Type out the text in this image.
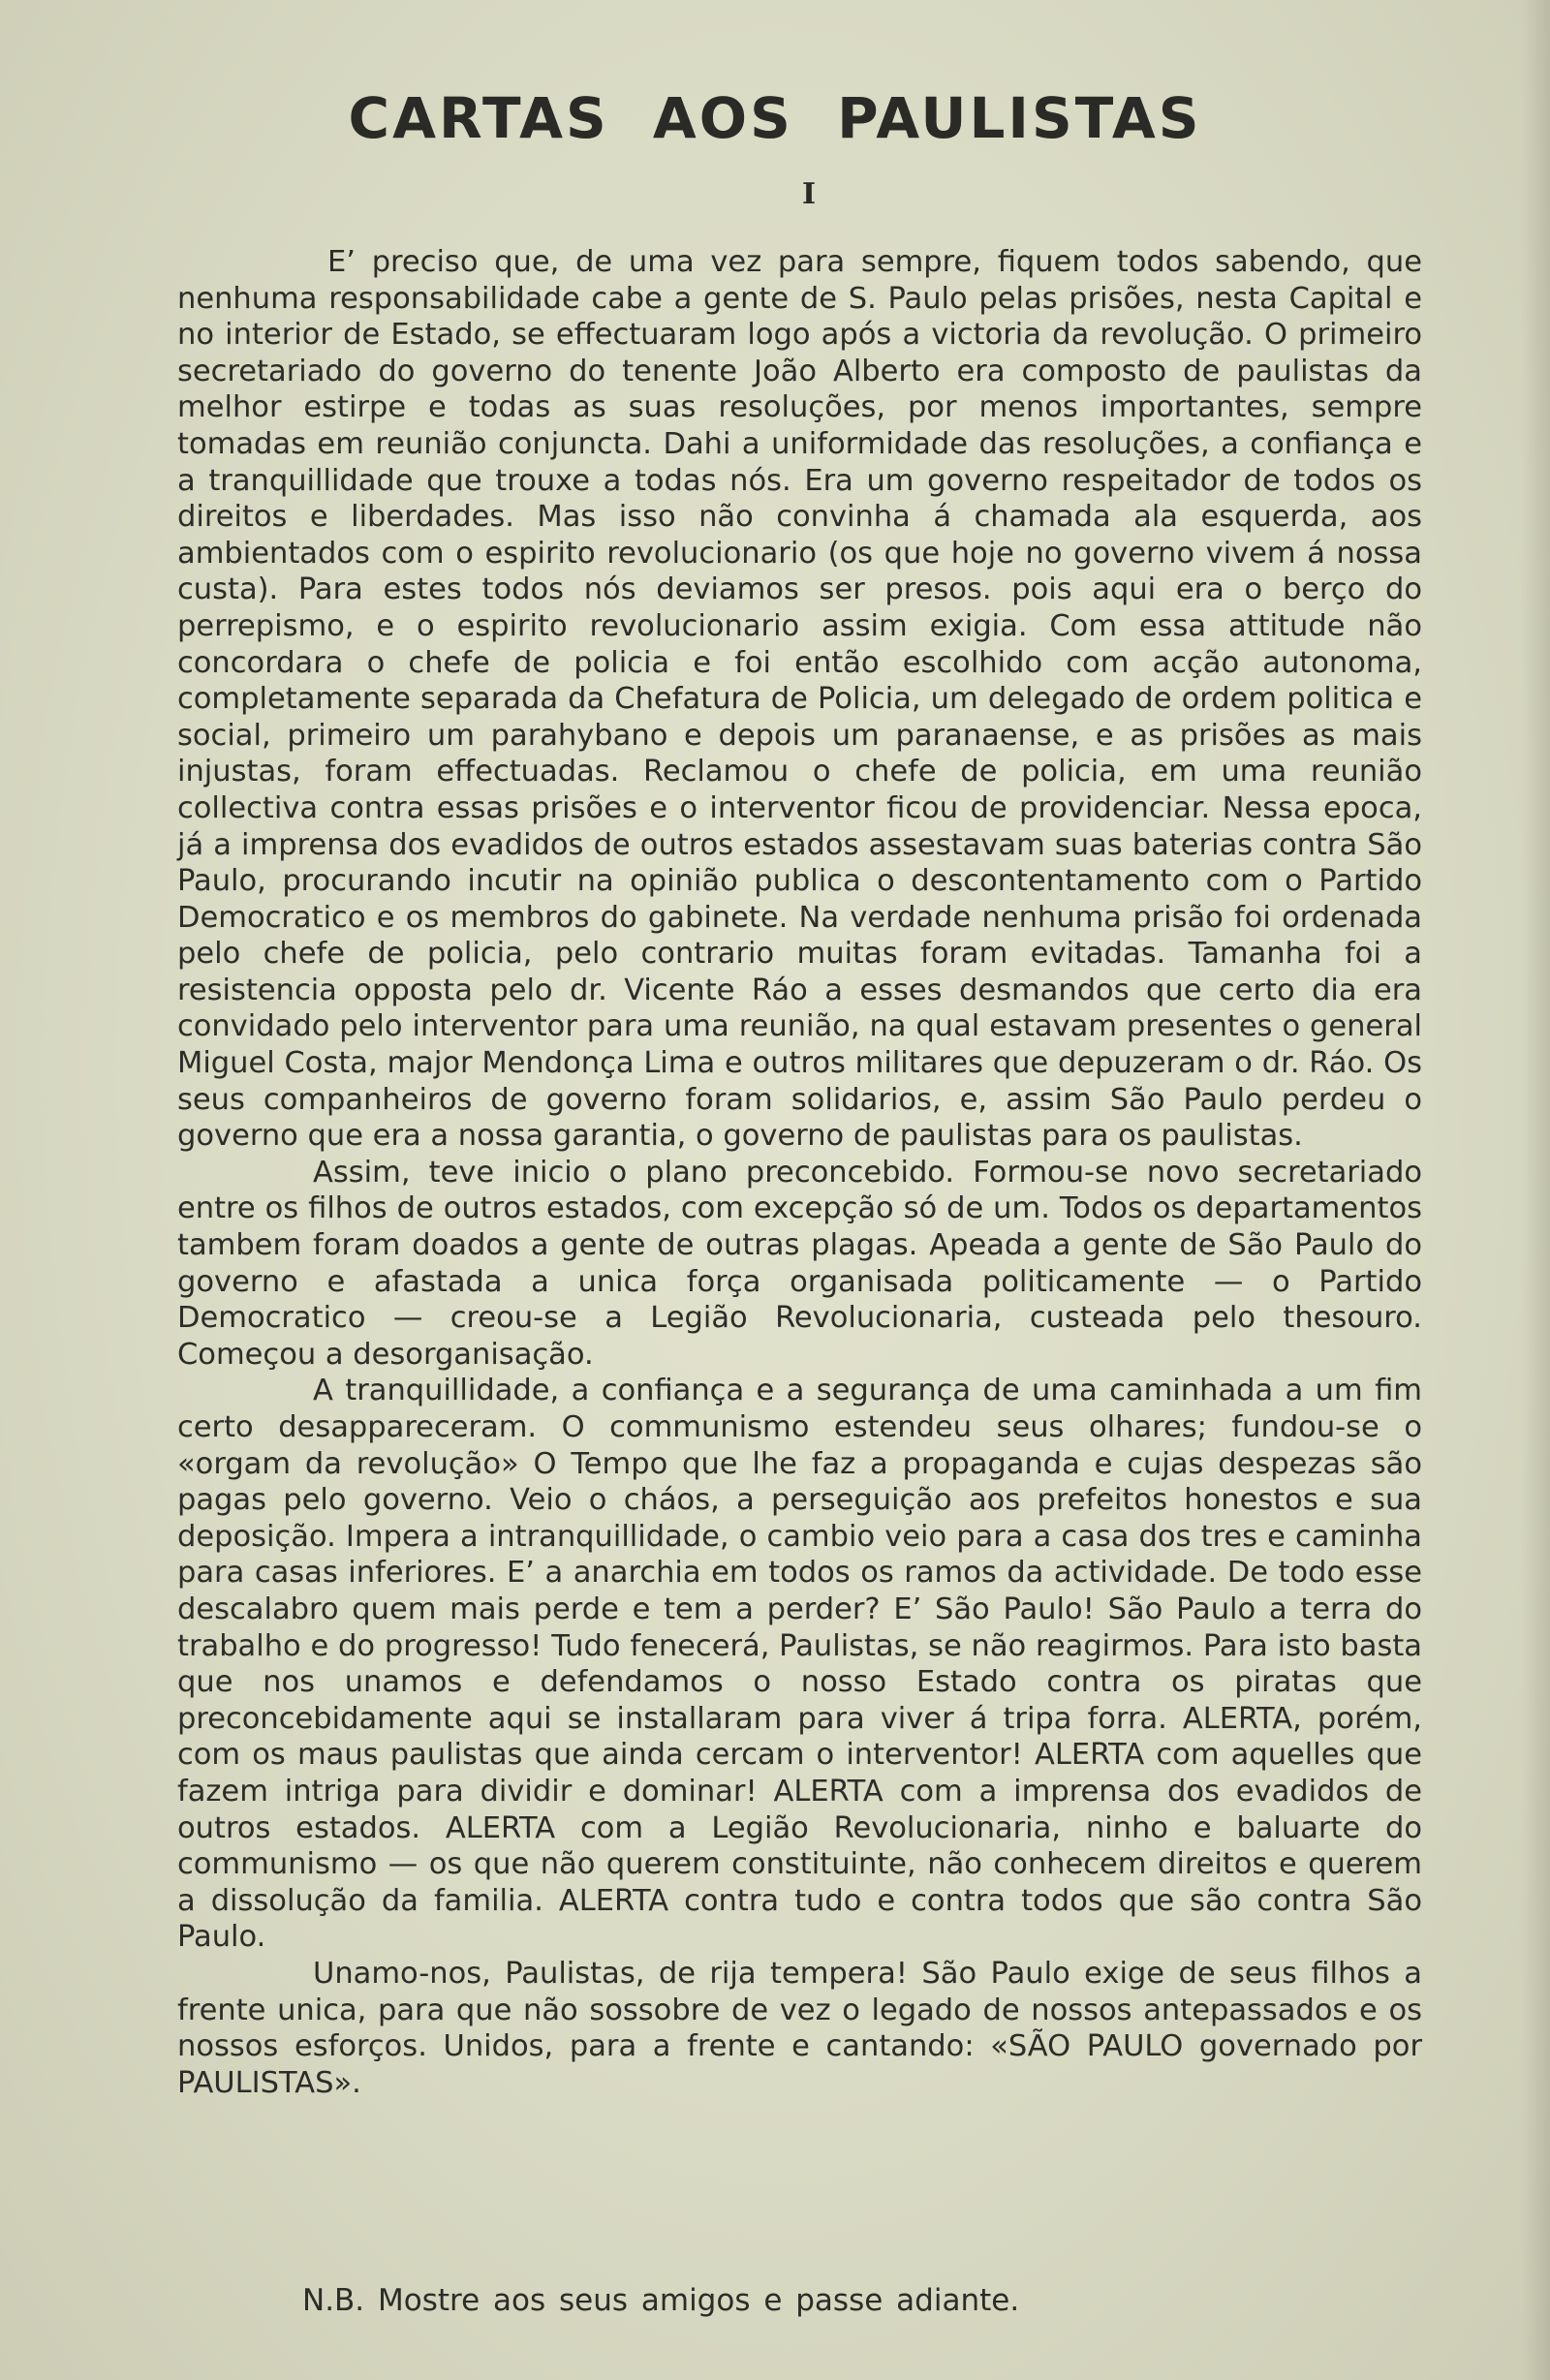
CARTAS AOS PAULISTAS
I

E’ preciso que, de uma vez para sempre, fiquem todos sabendo, que nenhuma responsabilidade cabe a gente de S. Paulo pelas prisões, nesta Capital e no interior de Estado, se effectuaram logo após a victoria da revolução. O primeiro secretariado do governo do tenente João Alberto era composto de paulistas da melhor estirpe e todas as suas resoluções, por menos importantes, sempre tomadas em reunião conjuncta. Dahi a uniformidade das resoluções, a confiança e a tranquillidade que trouxe a todas nós. Era um governo respeitador de todos os direitos e liberdades. Mas isso não convinha á chamada ala esquerda, aos ambientados com o espirito revolucionario (os que hoje no governo vivem á nossa custa). Para estes todos nós deviamos ser presos. pois aqui era o berço do perrepismo, e o espirito revolucionario assim exigia. Com essa attitude não concordara o chefe de policia e foi então escolhido com acção autonoma, completamente separada da Chefatura de Policia, um delegado de ordem politica e social, primeiro um parahybano e depois um paranaense, e as prisões as mais injustas, foram effectuadas. Reclamou o chefe de policia, em uma reunião collectiva contra essas prisões e o interventor ficou de providenciar. Nessa epoca, já a imprensa dos evadidos de outros estados assestavam suas baterias contra São Paulo, procurando incutir na opinião publica o descontentamento com o Partido Democratico e os membros do gabinete. Na verdade nenhuma prisão foi ordenada pelo chefe de policia, pelo contrario muitas foram evitadas. Tamanha foi a resistencia opposta pelo dr. Vicente Ráo a esses desmandos que certo dia era convidado pelo interventor para uma reunião, na qual estavam presentes o general Miguel Costa, major Mendonça Lima e outros militares que depuzeram o dr. Ráo. Os seus companheiros de governo foram solidarios, e, assim São Paulo perdeu o governo que era a nossa garantia, o governo de paulistas para os paulistas.

Assim, teve inicio o plano preconcebido. Formou-se novo secretariado entre os filhos de outros estados, com excepção só de um. Todos os departamentos tambem foram doados a gente de outras plagas. Apeada a gente de São Paulo do governo e afastada a unica força organisada politicamente — o Partido Democratico — creou-se a Legião Revolucionaria, custeada pelo thesouro. Começou a desorganisação.

A tranquillidade, a confiança e a segurança de uma caminhada a um fim certo desappareceram. O communismo estendeu seus olhares; fundou-se o «orgam da revolução» O Tempo que lhe faz a propaganda e cujas despezas são pagas pelo governo. Veio o cháos, a perseguição aos prefeitos honestos e sua deposição. Impera a intranquillidade, o cambio veio para a casa dos tres e caminha para casas inferiores. E’ a anarchia em todos os ramos da actividade. De todo esse descalabro quem mais perde e tem a perder? E’ São Paulo! São Paulo a terra do trabalho e do progresso! Tudo fenecerá, Paulistas, se não reagirmos. Para isto basta que nos unamos e defendamos o nosso Estado contra os piratas que preconcebidamente aqui se installaram para viver á tripa forra. ALERTA, porém, com os maus paulistas que ainda cercam o interventor! ALERTA com aquelles que fazem intriga para dividir e dominar! ALERTA com a imprensa dos evadidos de outros estados. ALERTA com a Legião Revolucionaria, ninho e baluarte do communismo — os que não querem constituinte, não conhecem direitos e querem a dissolução da familia. ALERTA contra tudo e contra todos que são contra São Paulo.

Unamo-nos, Paulistas, de rija tempera! São Paulo exige de seus filhos a frente unica, para que não sossobre de vez o legado de nossos antepassados e os nossos esforços. Unidos, para a frente e cantando: «SÃO PAULO governado por PAULISTAS».

N.B. Mostre aos seus amigos e passe adiante.
